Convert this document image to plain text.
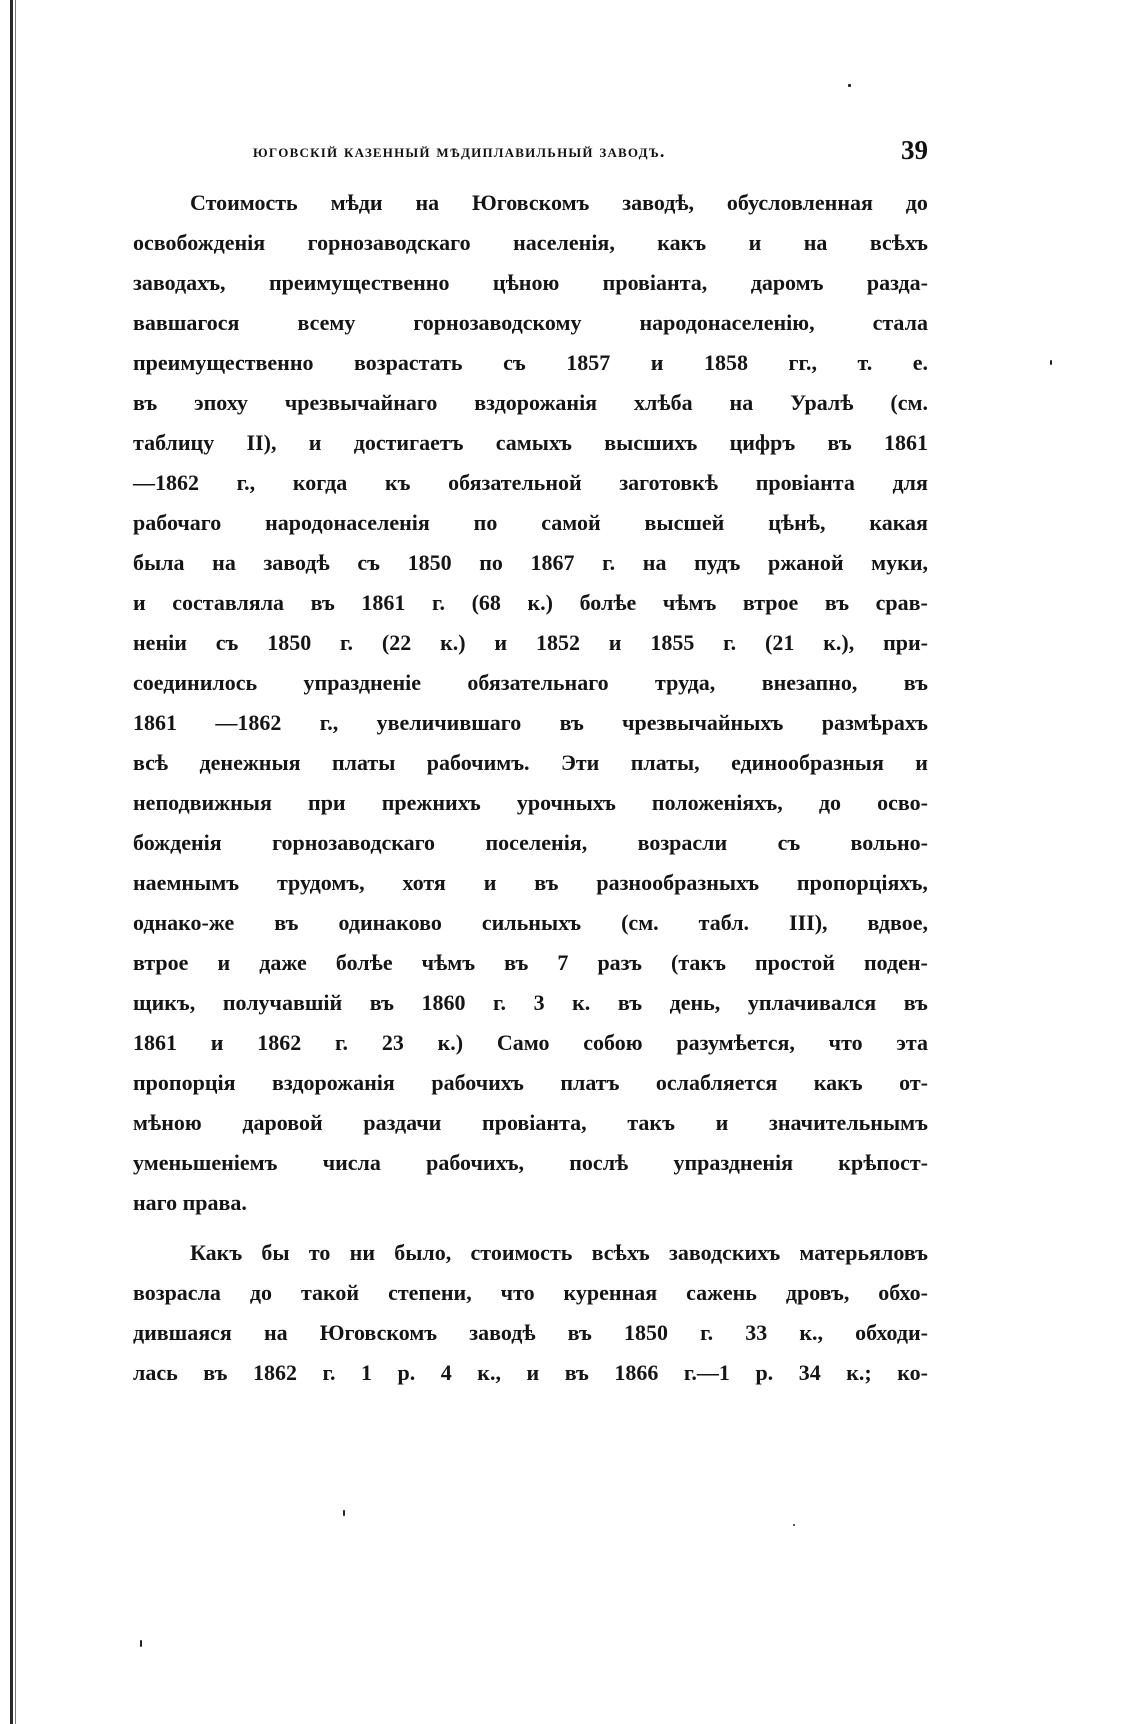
югoвcкiй казенный мѣдиплавильный заводъ.	39
Стоимость мѣди на Юговскомъ заводѣ, обусловленная до
освобожденія горнозаводскаго населенія, какъ и на всѣхъ
заводахъ, преимущественно цѣною провіанта, даромъ разда-
вавшагося	всему	горнозаводскому	народонаселенію,	стала
преимущественно возрастать съ 1857 и 1858 гг., т. е.
въ эпоху чрезвычайнаго вздорожанія хлѣба на Уралѣ (см.
таблицу II), и достигаетъ самыхъ высшихъ цифръ въ 1861
—1862 г., когда къ обязательной заготовкѣ провіанта для
рабочаго народонаселенія по самой высшей цѣнѣ, какая
была на заводѣ съ 1850 по 1867 г. на пудъ ржаной муки,
и составляла въ 1861 г. (68 к.) болѣе чѣмъ втрое въ срав-
неніи съ 1850 г. (22 к.) и 1852 и 1855 г. (21 к.), при-
соединилось упраздненіе обязательнаго труда, внезапно, въ
1861 —1862 г., увеличившаго въ чрезвычайныхъ размѣрахъ
всѣ денежныя платы рабочимъ. Эти платы, единообразныя и
неподвижныя при прежнихъ урочныхъ положеніяхъ, до осво-
божденія горнозаводскаго поселенія, возрасли съ вольно-
наемнымъ трудомъ, хотя и въ разнообразныхъ пропорціяхъ,
однако-же въ одинаково сильныхъ (см. табл. III), вдвое,
втрое и даже болѣе чѣмъ въ 7 разъ (такъ простой поден-
щикъ, получавшій въ 1860 г. 3 к. въ день, уплачивался въ
1861 и 1862 г. 23 к.) Само собою разумѣется, что эта
пропорція вздорожанія рабочихъ платъ ослабляется какъ от-
мѣною даровой раздачи провіанта, такъ и значительнымъ
уменьшеніемъ числа рабочихъ, послѣ упраздненія крѣпост-
наго права.
Какъ бы то ни было, стоимость всѣхъ заводскихъ матерьяловъ
возрасла до такой степени, что куренная сажень дровъ, обхо-
дившаяся на Юговскомъ заводѣ въ 1850 г. 33 к., обходи-
лась въ 1862 г. 1 р. 4 к., и въ 1866 г.—1 р. 34 к.; ко-
